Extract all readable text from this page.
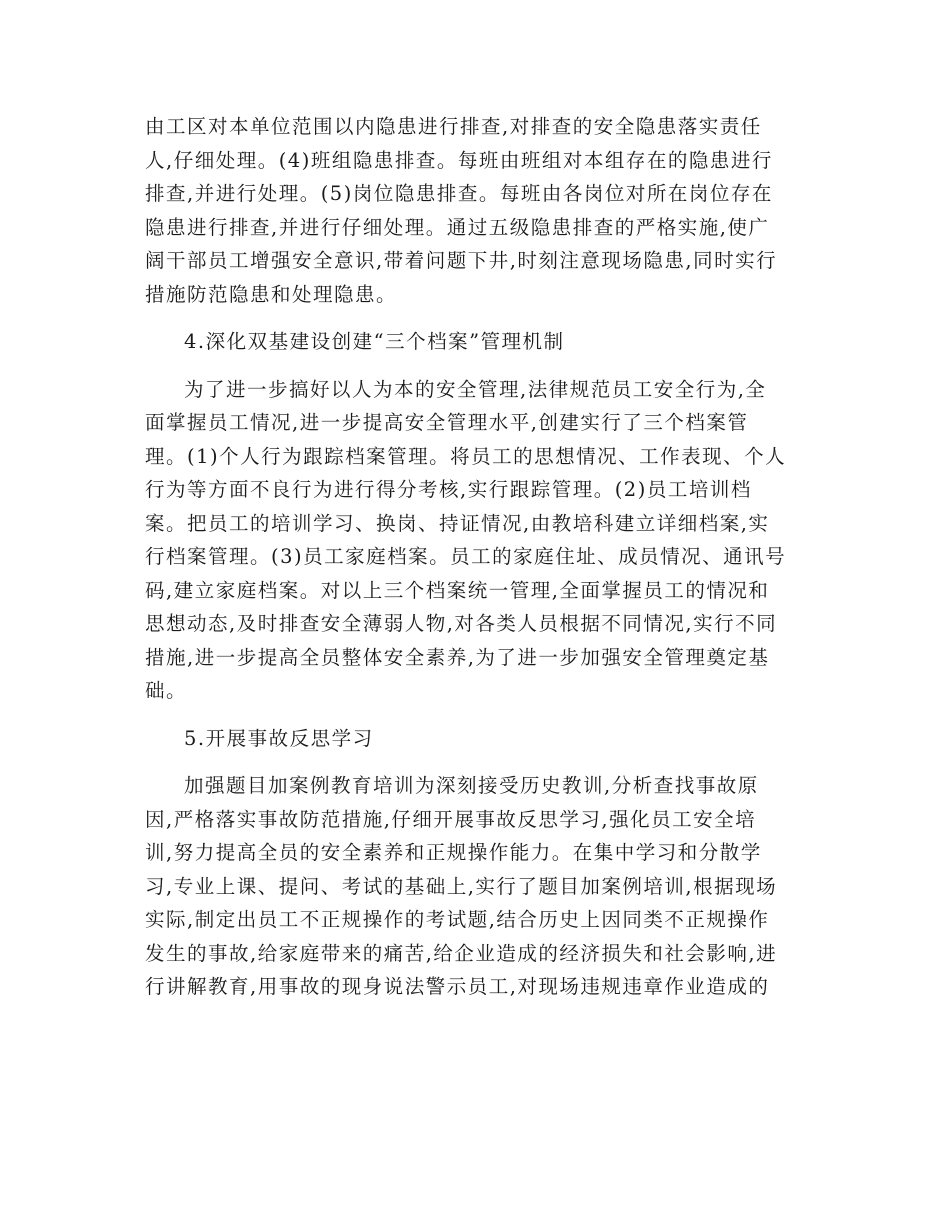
由工区对本单位范围以内隐患进行排查,对排查的安全隐患落实责任
人,仔细处理。(4)班组隐患排查。每班由班组对本组存在的隐患进行
排查,并进行处理。(5)岗位隐患排查。每班由各岗位对所在岗位存在
隐患进行排查,并进行仔细处理。通过五级隐患排查的严格实施,使广
阔干部员工增强安全意识,带着问题下井,时刻注意现场隐患,同时实行
措施防范隐患和处理隐患。
4.深化双基建设创建“三个档案”管理机制
为了进一步搞好以人为本的安全管理,法律规范员工安全行为,全
面掌握员工情况,进一步提高安全管理水平,创建实行了三个档案管
理。(1)个人行为跟踪档案管理。将员工的思想情况、工作表现、个人
行为等方面不良行为进行得分考核,实行跟踪管理。(2)员工培训档
案。把员工的培训学习、换岗、持证情况,由教培科建立详细档案,实
行档案管理。(3)员工家庭档案。员工的家庭住址、成员情况、通讯号
码,建立家庭档案。对以上三个档案统一管理,全面掌握员工的情况和
思想动态,及时排查安全薄弱人物,对各类人员根据不同情况,实行不同
措施,进一步提高全员整体安全素养,为了进一步加强安全管理奠定基
础。
5.开展事故反思学习
加强题目加案例教育培训为深刻接受历史教训,分析查找事故原
因,严格落实事故防范措施,仔细开展事故反思学习,强化员工安全培
训,努力提高全员的安全素养和正规操作能力。在集中学习和分散学
习,专业上课、提问、考试的基础上,实行了题目加案例培训,根据现场
实际,制定出员工不正规操作的考试题,结合历史上因同类不正规操作
发生的事故,给家庭带来的痛苦,给企业造成的经济损失和社会影响,进
行讲解教育,用事故的现身说法警示员工,对现场违规违章作业造成的
